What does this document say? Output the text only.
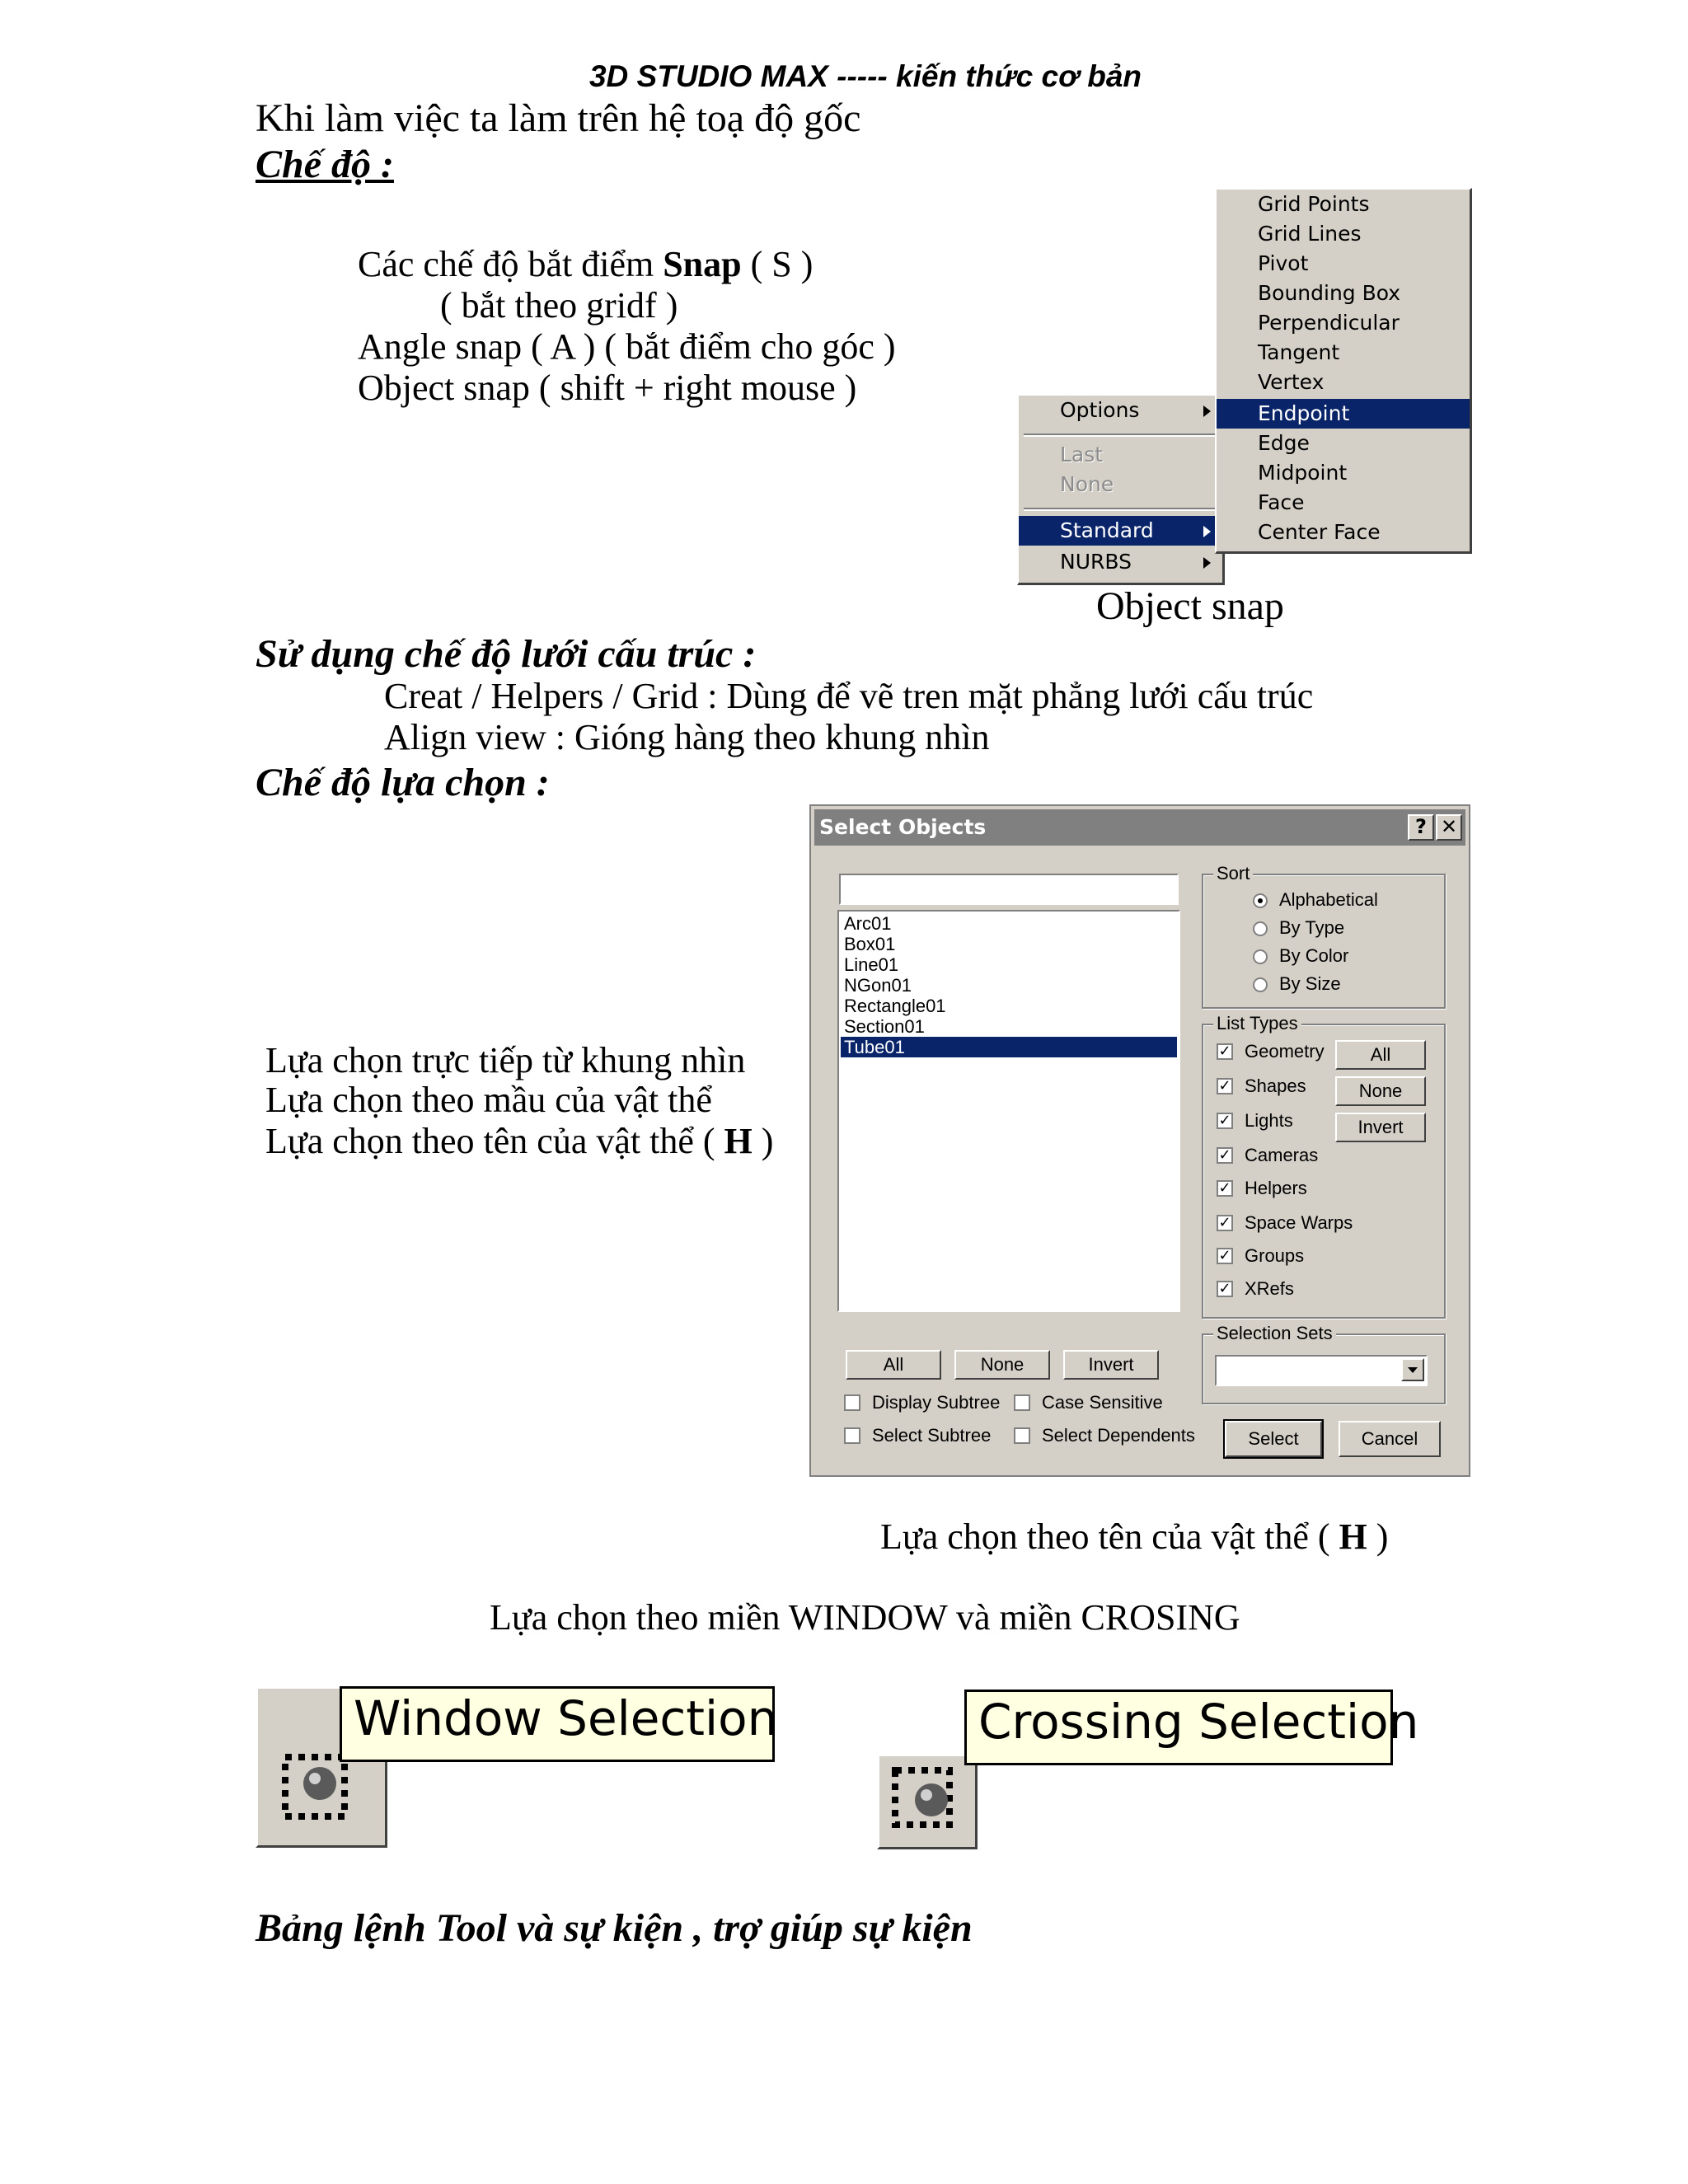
3D STUDIO MAX ----- kiến thức cơ bản
Khi làm việc ta làm trên hệ toạ độ gốc
Chế độ :
Các chế độ bắt điểm Snap ( S )
( bắt theo gridf )
Angle snap ( A ) ( bắt điểm cho góc )
Object snap ( shift + right mouse )
Options
Last
None
Standard
NURBS
Grid Points
Grid Lines
Pivot
Bounding Box
Perpendicular
Tangent
Vertex
Endpoint
Edge
Midpoint
Face
Center Face
Object snap
Sử dụng chế độ lưới cấu trúc :
Creat / Helpers / Grid : Dùng để vẽ tren mặt phẳng lưới cấu trúc
Align view : Gióng hàng theo khung nhìn
Chế độ lựa chọn :
Lựa chọn trực tiếp từ khung nhìn
Lựa chọn theo mầu của vật thể
Lựa chọn theo tên của vật thể ( H )
Select Objects	? ✕
Arc01
Box01
Line01
NGon01
Rectangle01
Section01
Tube01
Sort
Alphabetical
By Type
By Color
By Size
List Types
✓ Geometry
✓ Shapes
✓ Lights
✓ Cameras
✓ Helpers
✓ Space Warps
✓ Groups
✓ XRefs
All
None
Invert
Selection Sets
All	None	Invert
Display Subtree Case Sensitive
Select Subtree	Select Dependents	Select	Cancel
Lựa chọn theo tên của vật thể ( H )
Lựa chọn theo miền WINDOW và miền CROSING
Window Selection	Crossing Selection
Bảng lệnh Tool và sự kiện , trợ giúp sự kiện
